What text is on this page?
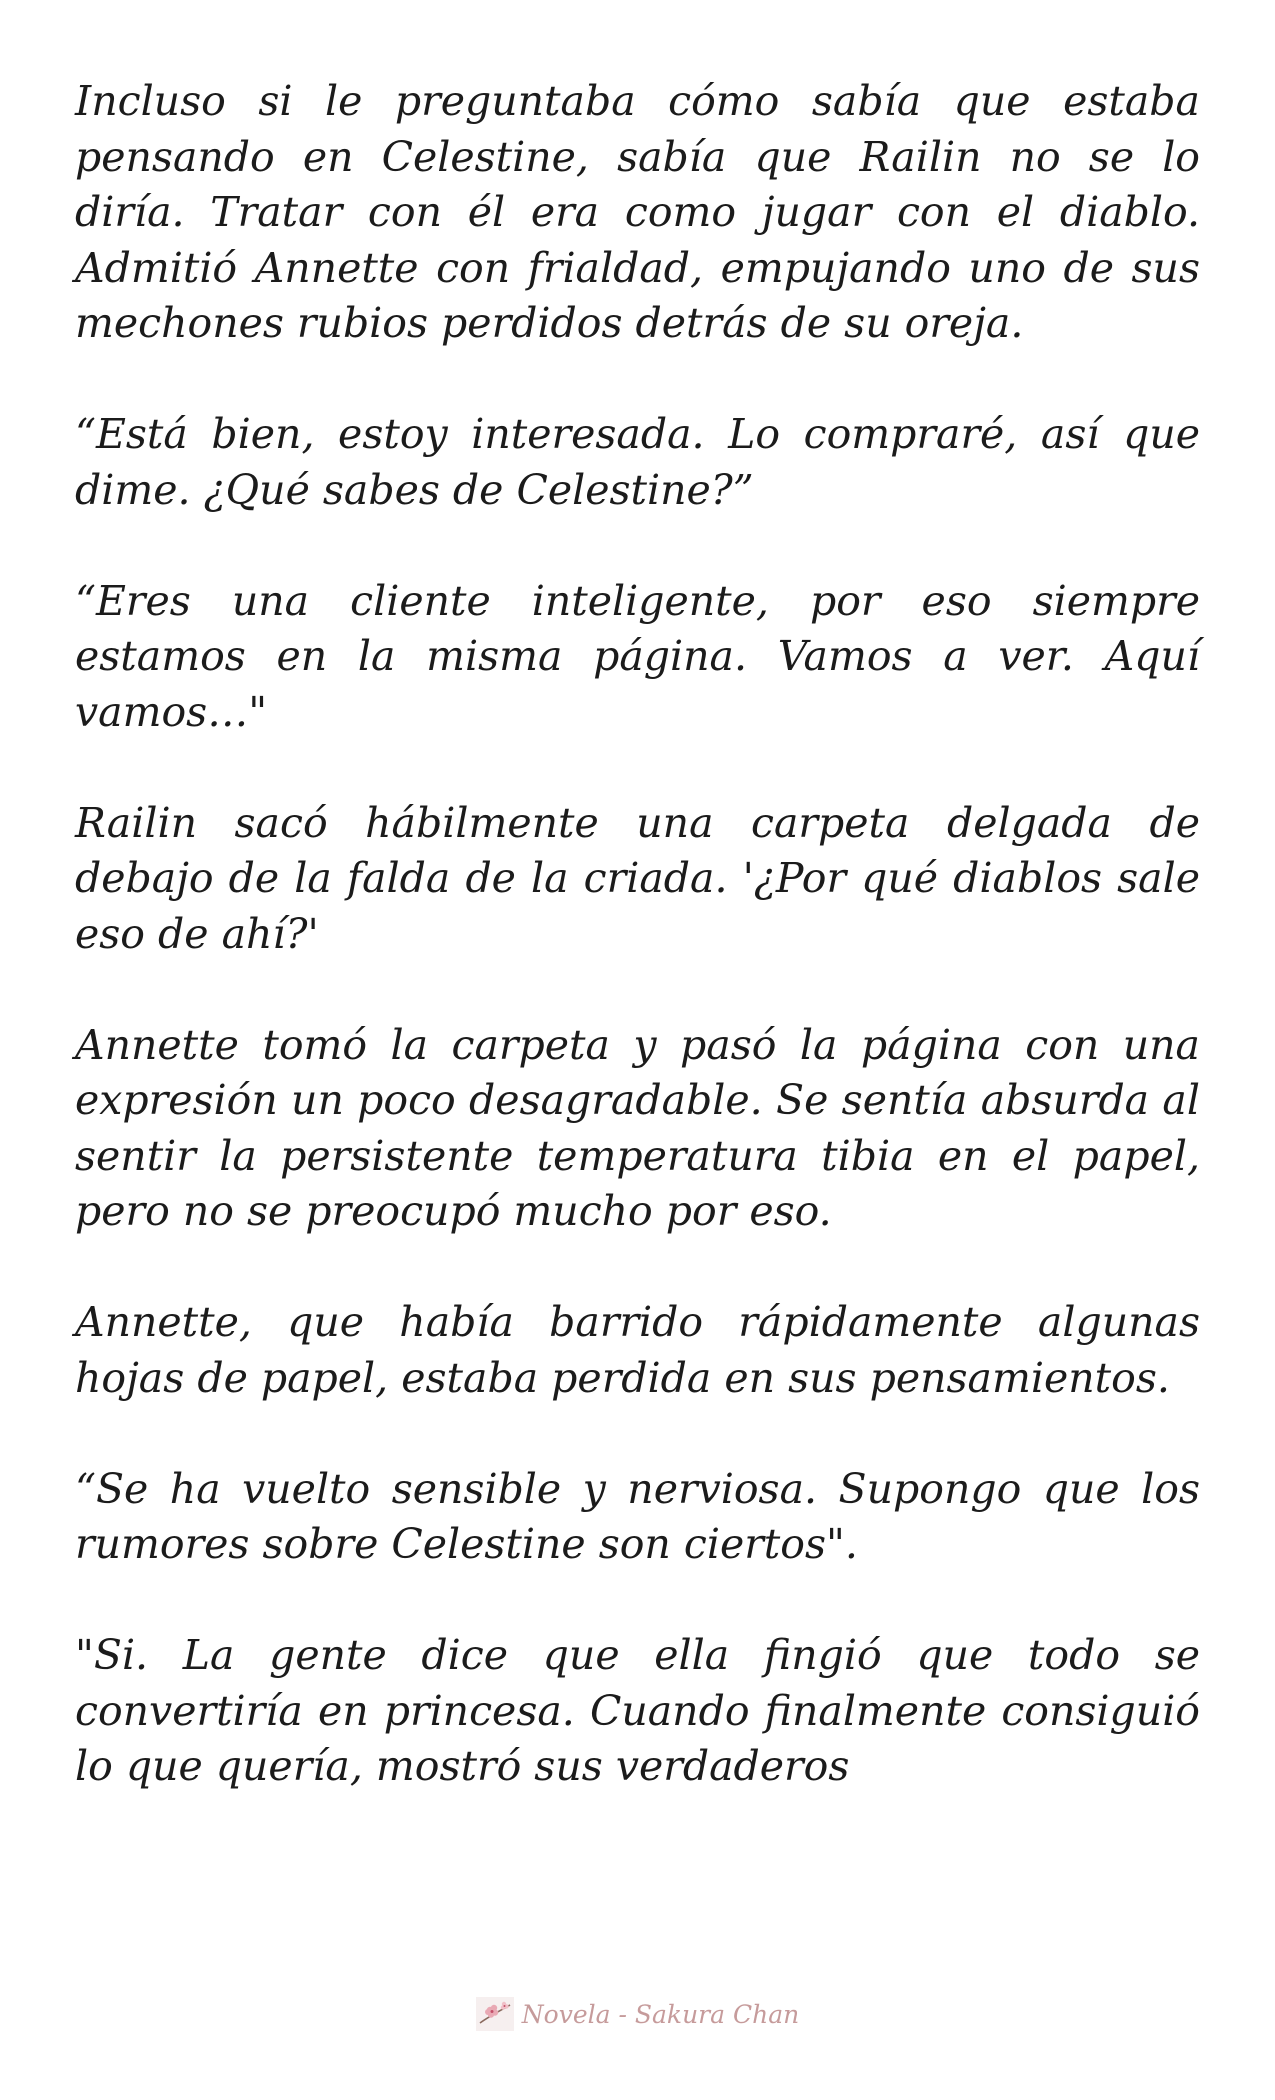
Incluso si le preguntaba cómo sabía que estaba pensando en Celestine, sabía que Railin no se lo diría. Tratar con él era como jugar con el diablo. Admitió Annette con frialdad, empujando uno de sus mechones rubios perdidos detrás de su oreja.

“Está bien, estoy interesada. Lo compraré, así que dime. ¿Qué sabes de Celestine?”

“Eres una cliente inteligente, por eso siempre estamos en la misma página. Vamos a ver. Aquí vamos…"

Railin sacó hábilmente una carpeta delgada de debajo de la falda de la criada. '¿Por qué diablos sale eso de ahí?'

Annette tomó la carpeta y pasó la página con una expresión un poco desagradable. Se sentía absurda al sentir la persistente temperatura tibia en el papel, pero no se preocupó mucho por eso.

Annette, que había barrido rápidamente algunas hojas de papel, estaba perdida en sus pensamientos.

“Se ha vuelto sensible y nerviosa. Supongo que los rumores sobre Celestine son ciertos".

"Si. La gente dice que ella fingió que todo se convertiría en princesa. Cuando finalmente consiguió lo que quería, mostró sus verdaderos

Novela - Sakura Chan
